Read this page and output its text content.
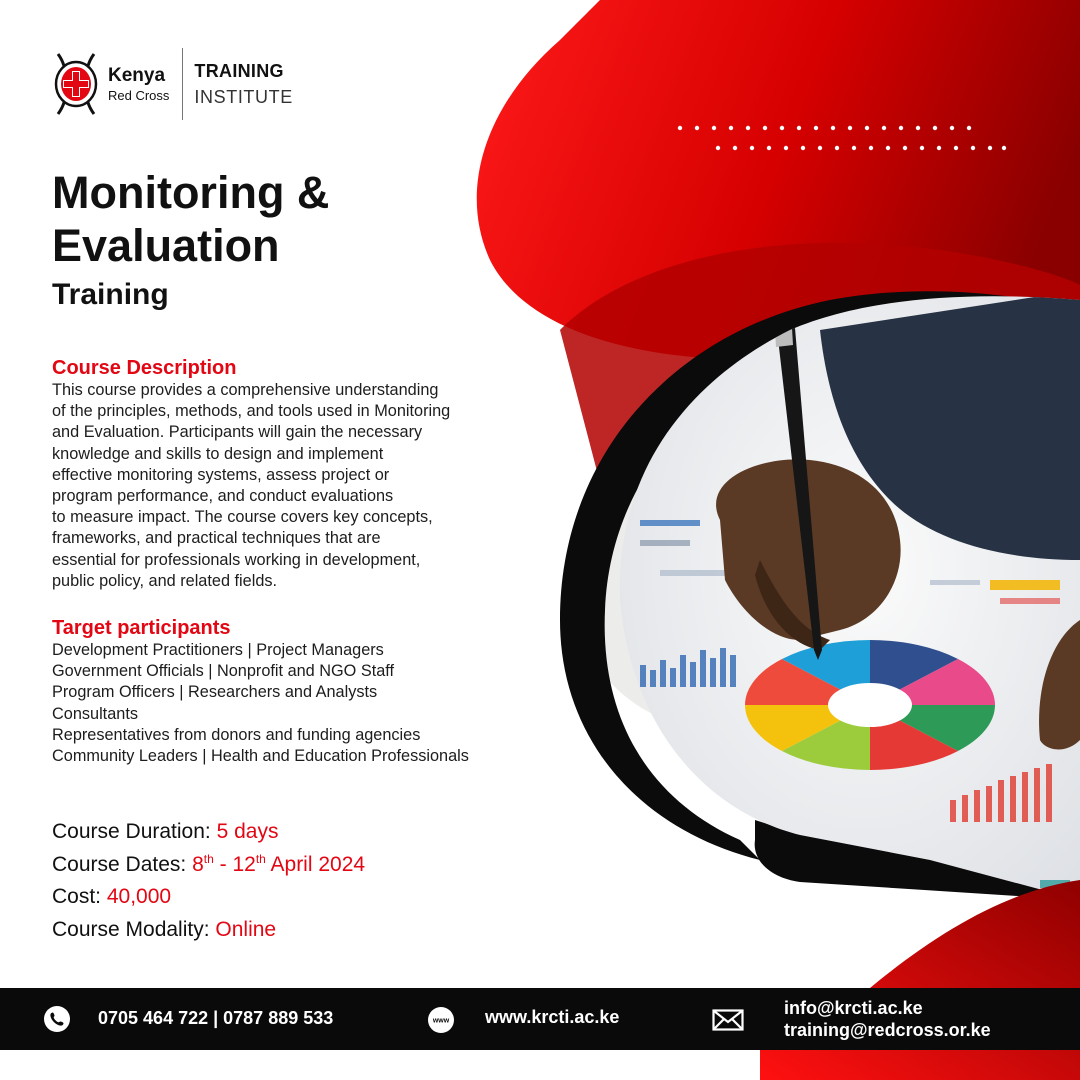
Kenya
Red Cross
TRAINING
INSTITUTE
Monitoring &
Evaluation
Training
Course Description

This course provides a comprehensive understanding
of the principles, methods, and tools used in Monitoring
and Evaluation. Participants will gain the necessary
knowledge and skills to design and implement
effective monitoring systems, assess project or
program performance, and conduct evaluations
to measure impact. The course covers key concepts,
frameworks, and practical techniques that are
essential for professionals working in development,
public policy, and related fields.

Target participants

Development Practitioners | Project Managers
Government Officials | Nonprofit and NGO Staff
Program Officers | Researchers and Analysts
Consultants
Representatives from donors and funding agencies
Community Leaders | Health and Education Professionals

Course Duration: 5 days
Course Dates: 8th - 12th April 2024
Cost: 40,000
Course Modality: Online
0705 464 722 | 0787 889 533	www www.krcti.ac.ke	info@krcti.ac.ke
training@redcross.or.ke
